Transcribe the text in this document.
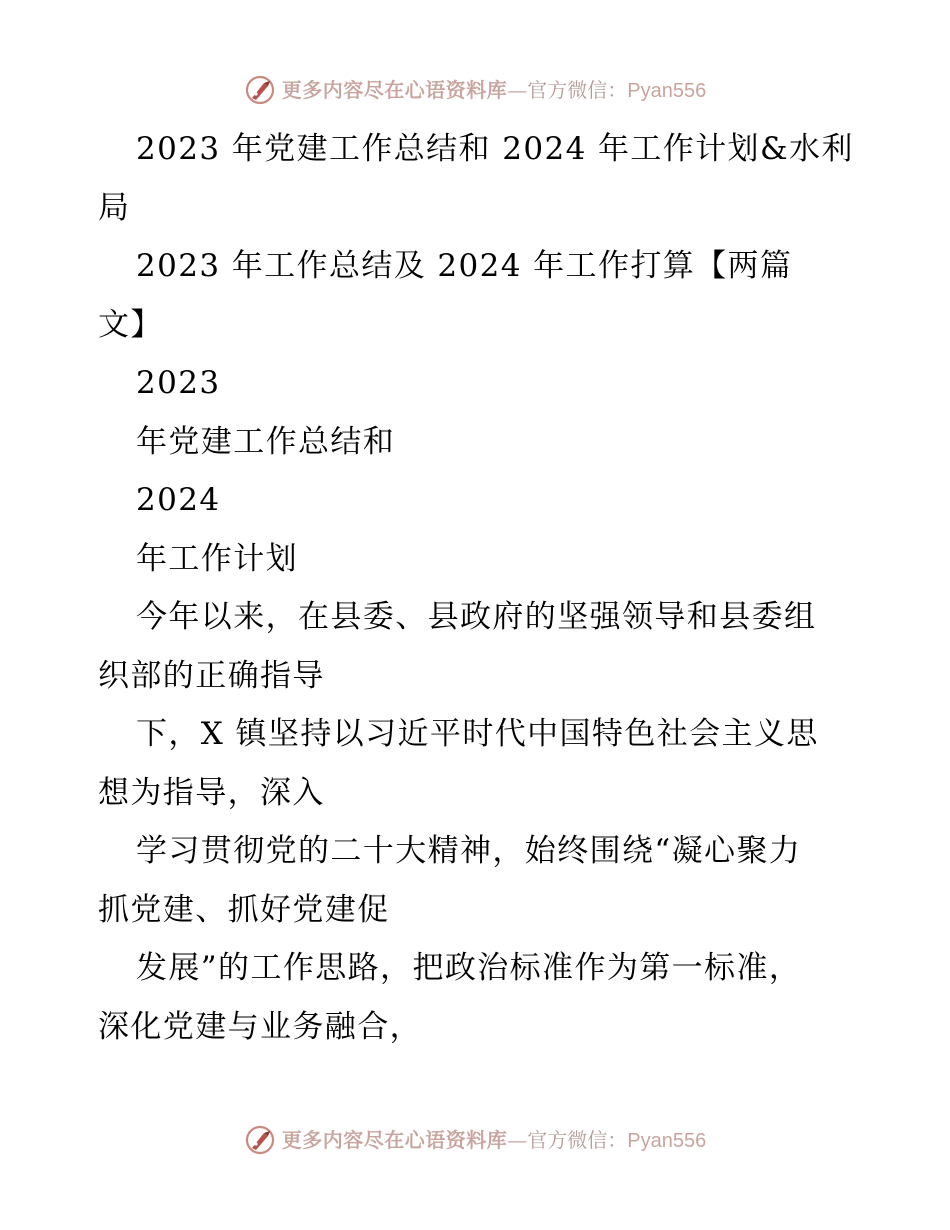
更多内容尽在心语资料库 — 官方微信： Pyan556
2023 年党建工作总结和 2024 年工作计划&水利
局
2023 年工作总结及 2024 年工作打算【两篇
文】
2023
年党建工作总结和
2024
年工作计划
今年以来，在县委、县政府的坚强领导和县委组
织部的正确指导
下，X 镇坚持以习近平时代中国特色社会主义思
想为指导，深入
学习贯彻党的二十大精神，始终围绕“凝心聚力
抓党建、抓好党建促
发展”的工作思路，把政治标准作为第一标准，
深化党建与业务融合，
更多内容尽在心语资料库 — 官方微信： Pyan556
